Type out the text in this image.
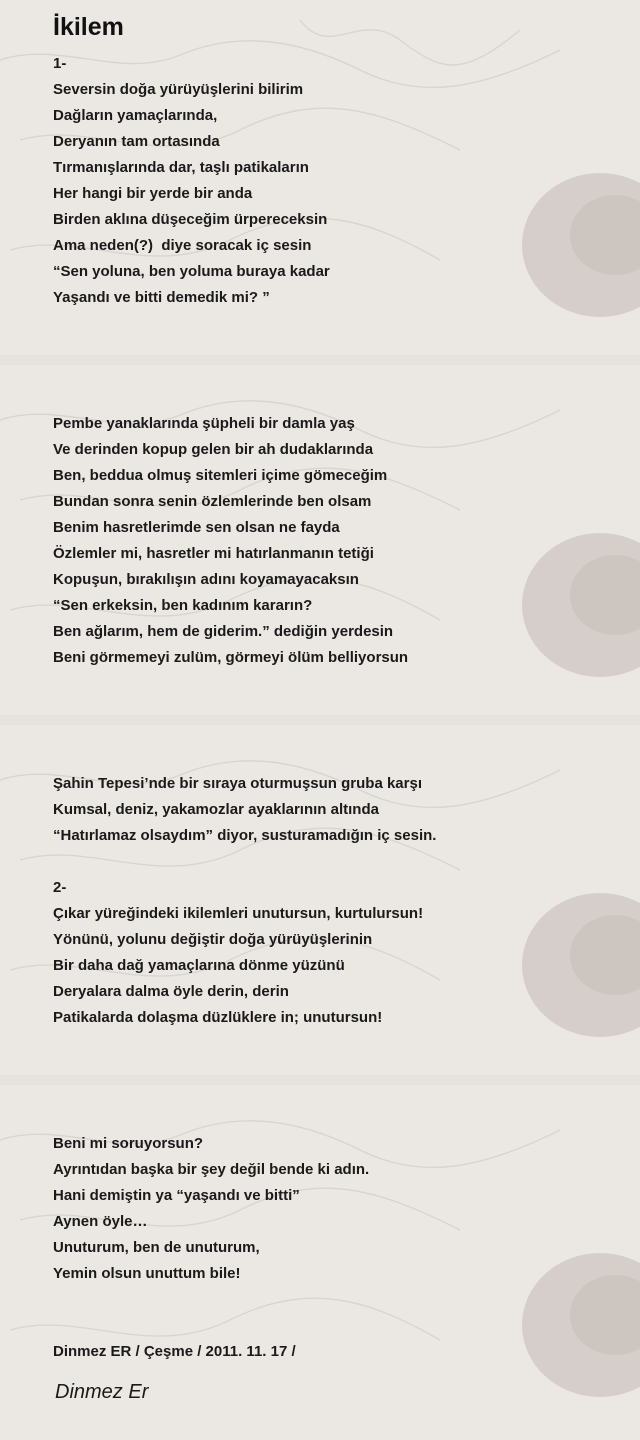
İkilem
1-
Seversin doğa yürüyüşlerini bilirim
Dağların yamaçlarında,
Deryanın tam ortasında
Tırmanışlarında dar, taşlı patikaların
Her hangi bir yerde bir anda
Birden aklına düşeceğim ürpereceksin
Ama neden(?)  diye soracak iç sesin
“Sen yoluna, ben yoluma buraya kadar
Yaşandı ve bitti demedik mi? ”
Pembe yanaklarında şüpheli bir damla yaş
Ve derinden kopup gelen bir ah dudaklarında
Ben, beddua olmuş sitemleri içime gömeceğim
Bundan sonra senin özlemlerinde ben olsam
Benim hasretlerimde sen olsan ne fayda
Özlemler mi, hasretler mi hatırlanmanın tetiği
Kopuşun, bırakılışın adını koyamayacaksın
“Sen erkeksin, ben kadınım kararın?
Ben ağlarım, hem de giderim.” dediğin yerdesin
Beni görmemeyi zulüm, görmeyi ölüm belliyorsun
Şahin Tepesi’nde bir sıraya oturmuşsun gruba karşı
Kumsal, deniz, yakamozlar ayaklarının altında
“Hatırlamaz olsaydım” diyor, susturamadığın iç sesin.
2-
Çıkar yüreğindeki ikilemleri unutursun, kurtulursun!
Yönünü, yolunu değiştir doğa yürüyüşlerinin
Bir daha dağ yamaçlarına dönme yüzünü
Deryalara dalma öyle derin, derin
Patikalarda dolaşma düzlüklere in; unutursun!
Beni mi soruyorsun?
Ayrıntıdan başka bir şey değil bende ki adın.
Hani demiştin ya “yaşandı ve bitti”
Aynen öyle…
Unuturum, ben de unuturum,
Yemin olsun unuttum bile!
Dinmez ER / Çeşme / 2011. 11. 17 /
Dinmez Er
